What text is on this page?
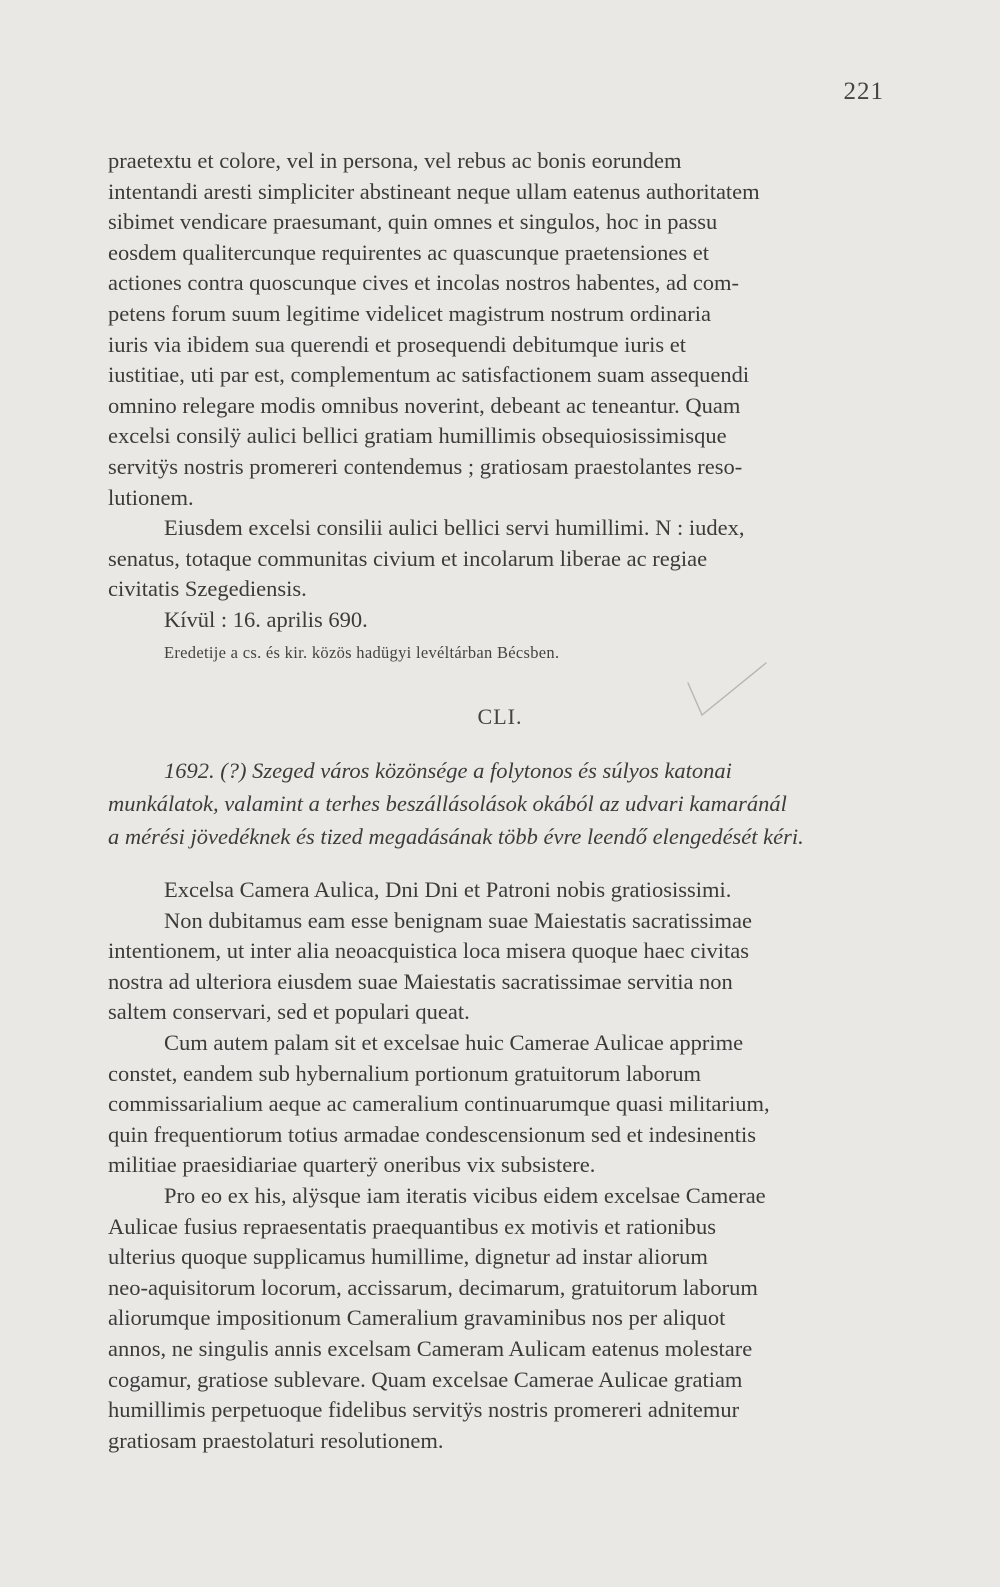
221

praetextu et colore, vel in persona, vel rebus ac bonis eorundem

intentandi aresti simpliciter abstineant neque ullam eatenus authoritatem

sibimet vendicare praesumant, quin omnes et singulos, hoc in passu

eosdem qualitercunque requirentes ac quascunque praetensiones et

actiones contra quoscunque cives et incolas nostros habentes, ad com-

petens forum suum legitime videlicet magistrum nostrum ordinaria

iuris via ibidem sua querendi et prosequendi debitumque iuris et

iustitiae, uti par est, complementum ac satisfactionem suam assequendi

omnino relegare modis omnibus noverint, debeant ac teneantur. Quam

excelsi consilÿ aulici bellici gratiam humillimis obsequiosissimisque

servitÿs nostris promereri contendemus ; gratiosam praestolantes reso-

lutionem.

Eiusdem excelsi consilii aulici bellici servi humillimi. N : iudex,

senatus, totaque communitas civium et incolarum liberae ac regiae

civitatis Szegediensis.

Kívül : 16. aprilis 690.

Eredetije a cs. és kir. közös hadügyi levéltárban Bécsben.
CLI.
1692. (?) Szeged város közönsége a folytonos és súlyos katonai
munkálatok, valamint a terhes beszállásolások okából az udvari kamaránál
a mérési jövedéknek és tized megadásának több évre leendő elengedését kéri.

Excelsa Camera Aulica, Dni Dni et Patroni nobis gratiosissimi.

Non dubitamus eam esse benignam suae Maiestatis sacratissimae

intentionem, ut inter alia neoacquistica loca misera quoque haec civitas

nostra ad ulteriora eiusdem suae Maiestatis sacratissimae servitia non

saltem conservari, sed et populari queat.

Cum autem palam sit et excelsae huic Camerae Aulicae apprime

constet, eandem sub hybernalium portionum gratuitorum laborum

commissarialium aeque ac cameralium continuarumque quasi militarium,

quin frequentiorum totius armadae condescensionum sed et indesinentis

militiae praesidiariae quarterÿ oneribus vix subsistere.

Pro eo ex his, alÿsque iam iteratis vicibus eidem excelsae Camerae

Aulicae fusius repraesentatis praequantibus ex motivis et rationibus

ulterius quoque supplicamus humillime, dignetur ad instar aliorum

neo-aquisitorum locorum, accissarum, decimarum, gratuitorum laborum

aliorumque impositionum Cameralium gravaminibus nos per aliquot

annos, ne singulis annis excelsam Cameram Aulicam eatenus molestare

cogamur, gratiose sublevare. Quam excelsae Camerae Aulicae gratiam

humillimis perpetuoque fidelibus servitÿs nostris promereri adnitemur

gratiosam praestolaturi resolutionem.
